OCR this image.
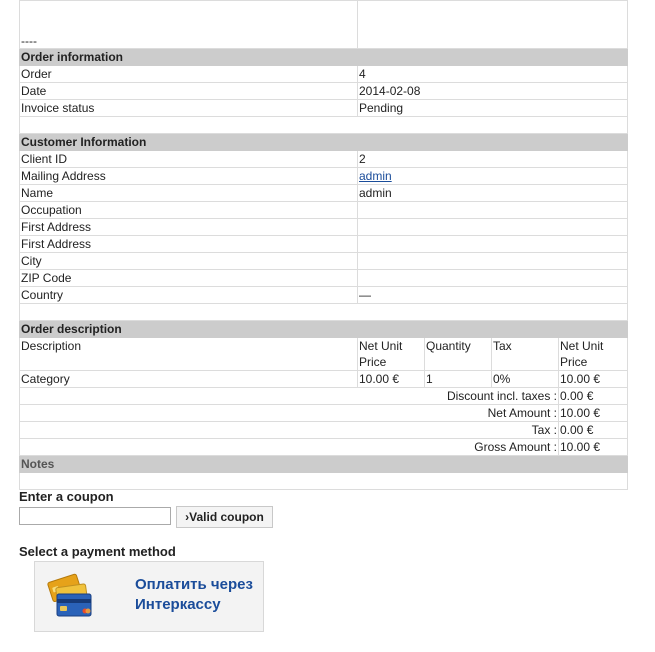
----				
Order information				
Order	4			
Date	2014-02-08			
Invoice status	Pending			

Customer Information				
Client ID	2			
Mailing Address	admin			
Name	admin			
Occupation				
First Address				
First Address				
City				
ZIP Code				
Country	—			

Order description				
Description	Net Unit Price	Quantity	Tax	Net Unit Price
Category	10.00 €	1	0%	10.00 €
Discount incl. taxes :				0.00 €
Net Amount :				10.00 €
Tax :				0.00 €
Gross Amount :				10.00 €
Notes				

Enter a coupon
›Valid coupon
Select a payment method
Оплатить через Интеркассу
